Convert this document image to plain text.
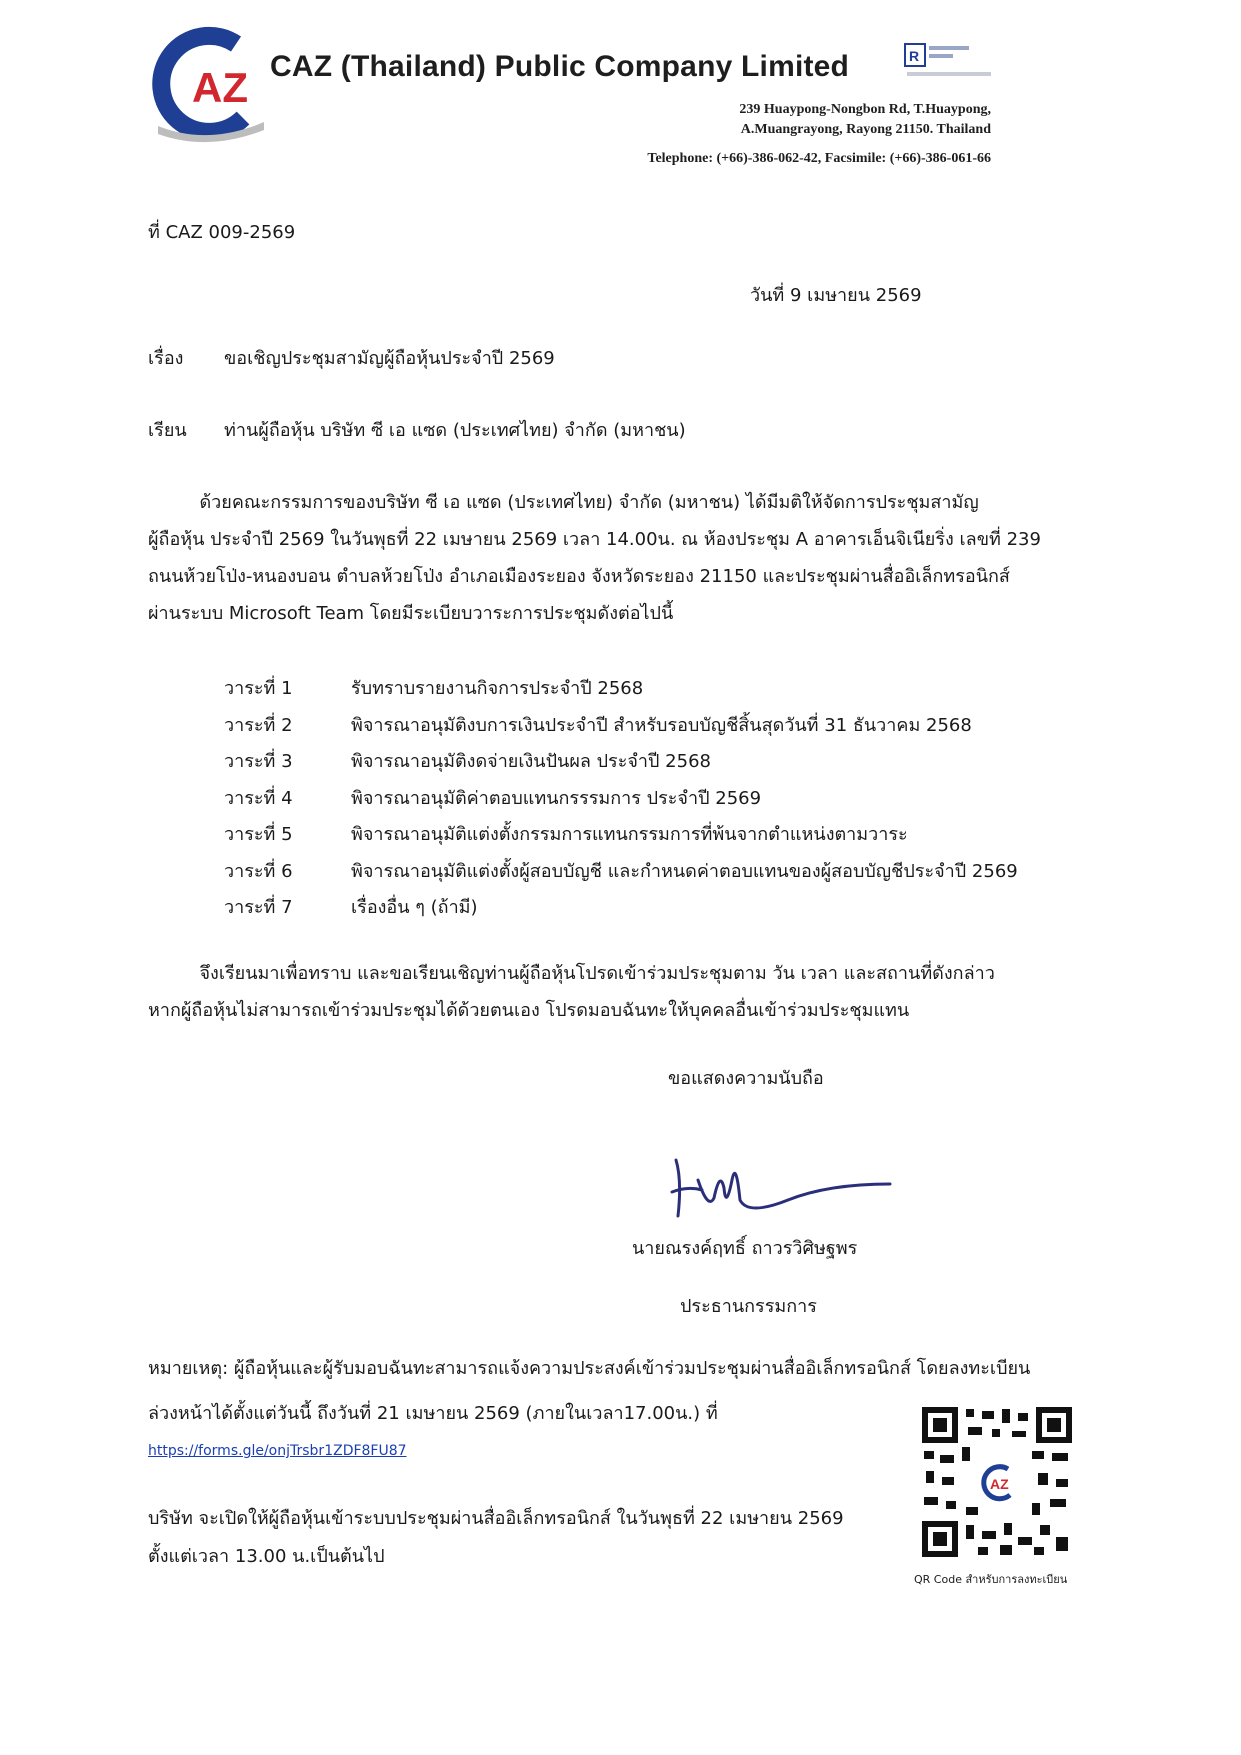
AZ CAZ (Thailand) Public Company Limited	R
239 Huaypong-Nongbon Rd, T.Huaypong,
A.Muangrayong, Rayong 21150. Thailand
Telephone: (+66)-386-062-42, Facsimile: (+66)-386-061-66
ที่ CAZ 009-2569
วันที่ 9 เมษายน 2569
เรื่อง ขอเชิญประชุมสามัญผู้ถือหุ้นประจำปี 2569
เรียน ท่านผู้ถือหุ้น บริษัท ซี เอ แซด (ประเทศไทย) จำกัด (มหาชน)
ด้วยคณะกรรมการของบริษัท ซี เอ แซด (ประเทศไทย) จำกัด (มหาชน) ได้มีมติให้จัดการประชุมสามัญ
ผู้ถือหุ้น ประจำปี 2569 ในวันพุธที่ 22 เมษายน 2569 เวลา 14.00น. ณ ห้องประชุม A อาคารเอ็นจิเนียริ่ง เลขที่ 239
ถนนห้วยโป่ง-หนองบอน ตำบลห้วยโป่ง อำเภอเมืองระยอง จังหวัดระยอง 21150 และประชุมผ่านสื่ออิเล็กทรอนิกส์
ผ่านระบบ Microsoft Team โดยมีระเบียบวาระการประชุมดังต่อไปนี้
วาระที่ 1	รับทราบรายงานกิจการประจำปี 2568
วาระที่ 2	พิจารณาอนุมัติงบการเงินประจำปี สำหรับรอบบัญชีสิ้นสุดวันที่ 31 ธันวาคม 2568
วาระที่ 3	พิจารณาอนุมัติงดจ่ายเงินปันผล ประจำปี 2568
วาระที่ 4	พิจารณาอนุมัติค่าตอบแทนกรรรมการ ประจำปี 2569
วาระที่ 5	พิจารณาอนุมัติแต่งตั้งกรรมการแทนกรรมการที่พ้นจากตำแหน่งตามวาระ
วาระที่ 6	พิจารณาอนุมัติแต่งตั้งผู้สอบบัญชี และกำหนดค่าตอบแทนของผู้สอบบัญชีประจำปี 2569
วาระที่ 7	เรื่องอื่น ๆ (ถ้ามี)
จึงเรียนมาเพื่อทราบ และขอเรียนเชิญท่านผู้ถือหุ้นโปรดเข้าร่วมประชุมตาม วัน เวลา และสถานที่ดังกล่าว
หากผู้ถือหุ้นไม่สามารถเข้าร่วมประชุมได้ด้วยตนเอง โปรดมอบฉันทะให้บุคคลอื่นเข้าร่วมประชุมแทน
ขอแสดงความนับถือ
นายณรงค์ฤทธิ์ ถาวรวิศิษฐพร
ประธานกรรมการ
หมายเหตุ: ผู้ถือหุ้นและผู้รับมอบฉันทะสามารถแจ้งความประสงค์เข้าร่วมประชุมผ่านสื่ออิเล็กทรอนิกส์ โดยลงทะเบียน
ล่วงหน้าได้ตั้งแต่วันนี้ ถึงวันที่ 21 เมษายน 2569 (ภายในเวลา17.00น.) ที่
https://forms.gle/onjTrsbr1ZDF8FU87
บริษัท จะเปิดให้ผู้ถือหุ้นเข้าระบบประชุมผ่านสื่ออิเล็กทรอนิกส์ ในวันพุธที่ 22 เมษายน 2569
ตั้งแต่เวลา 13.00 น.เป็นต้นไป
AZ
QR Code สำหรับการลงทะเบียน
